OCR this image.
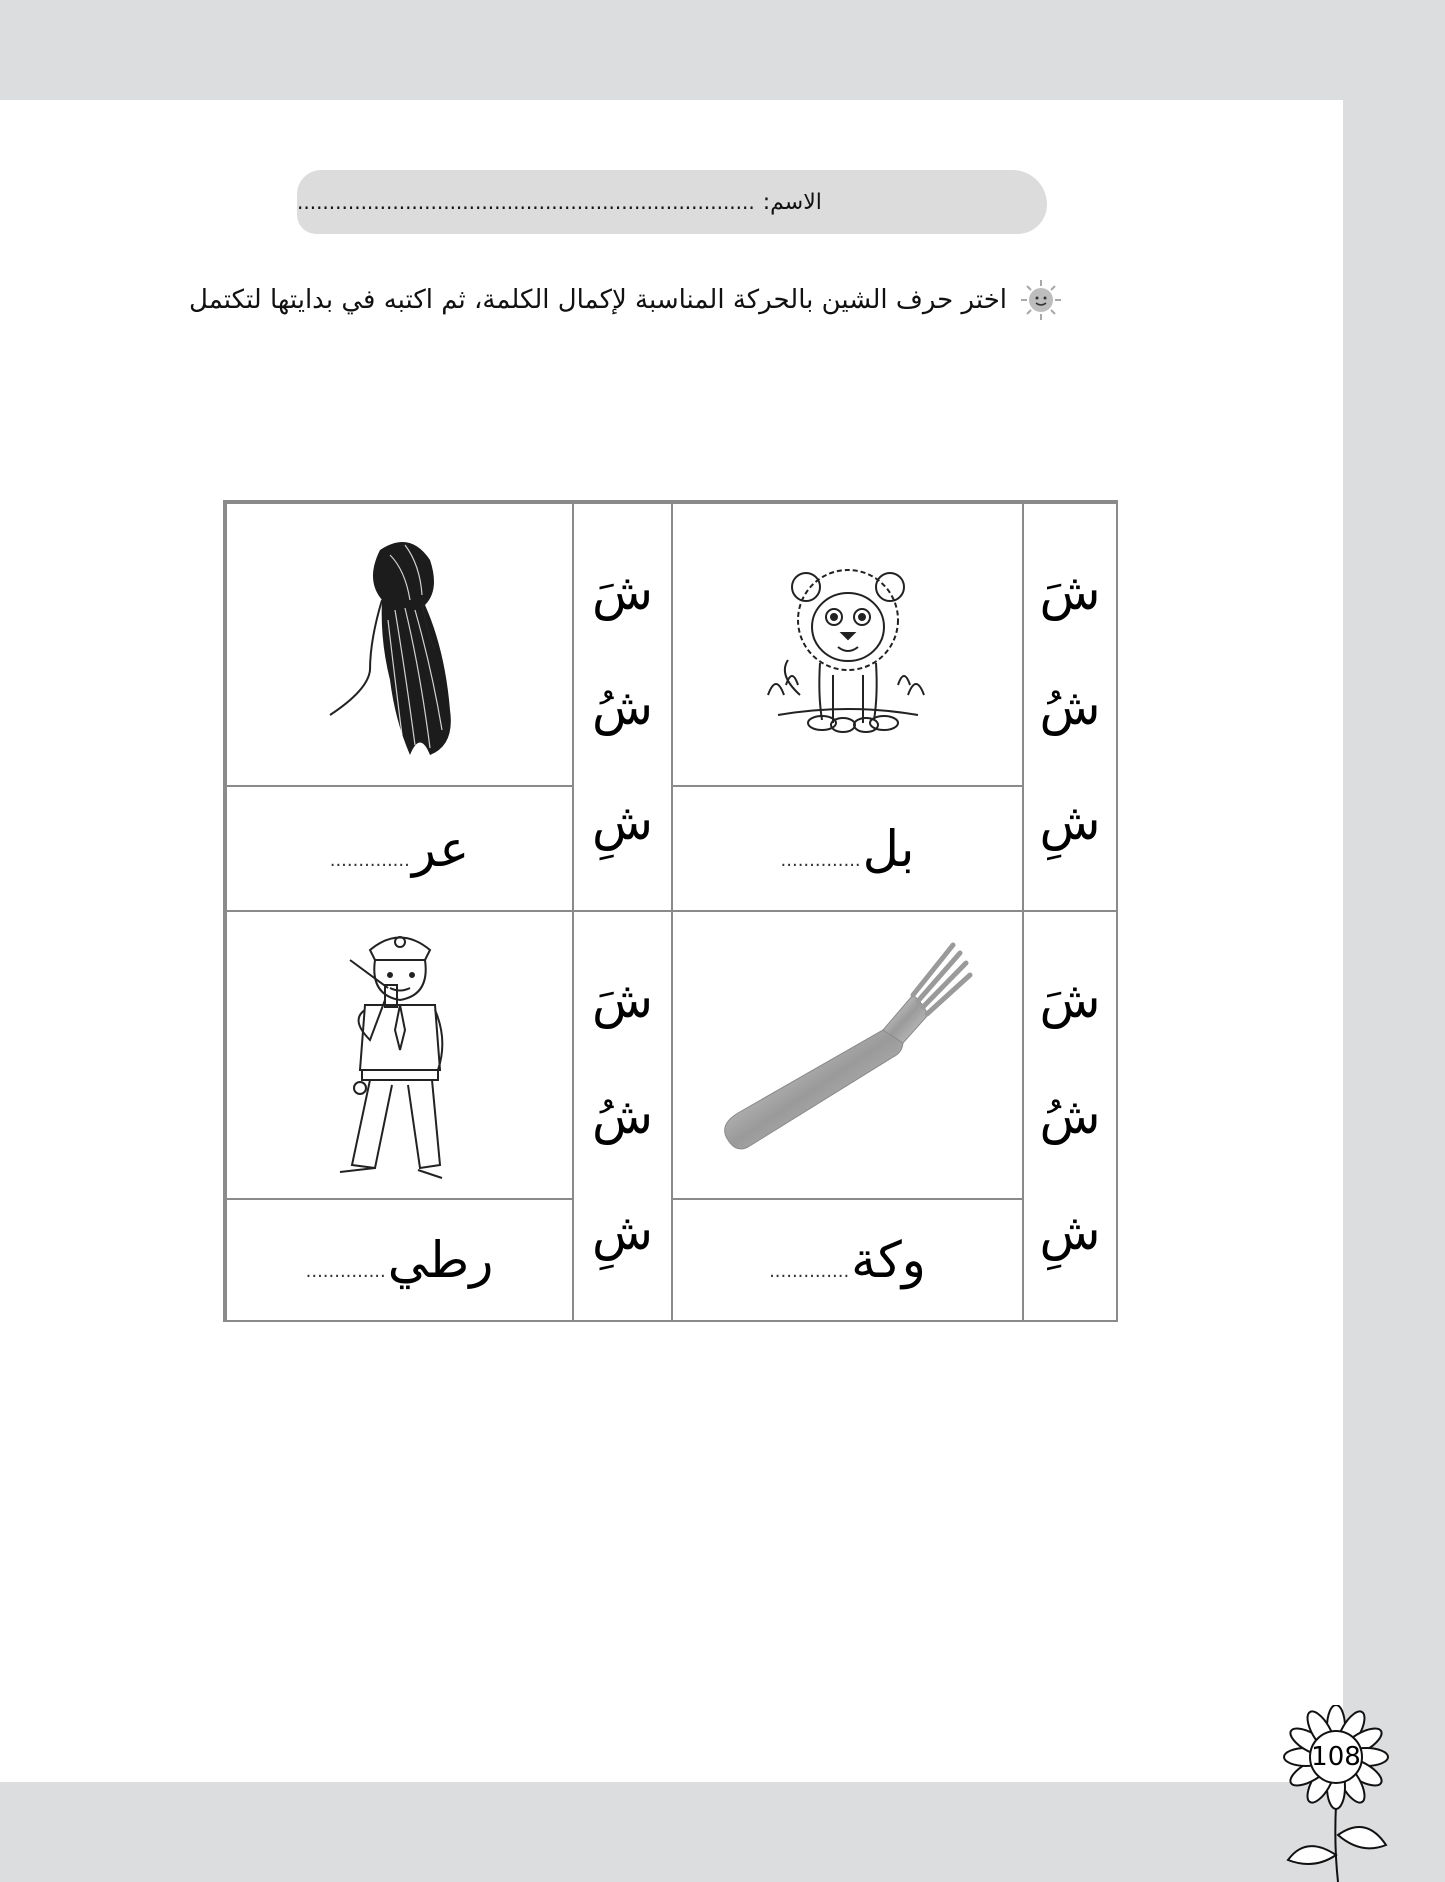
الاسم:
........................................................................
اختر حرف الشين بالحركة المناسبة لإكمال الكلمة، ثم اكتبه في بدايتها لتكتمل
شَ
شُ
شِ
بل
..............
شَ
شُ
شِ
عر
..............
شَ
شُ
شِ
وكة
..............
شَ
شُ
شِ
رطي
..............
108
